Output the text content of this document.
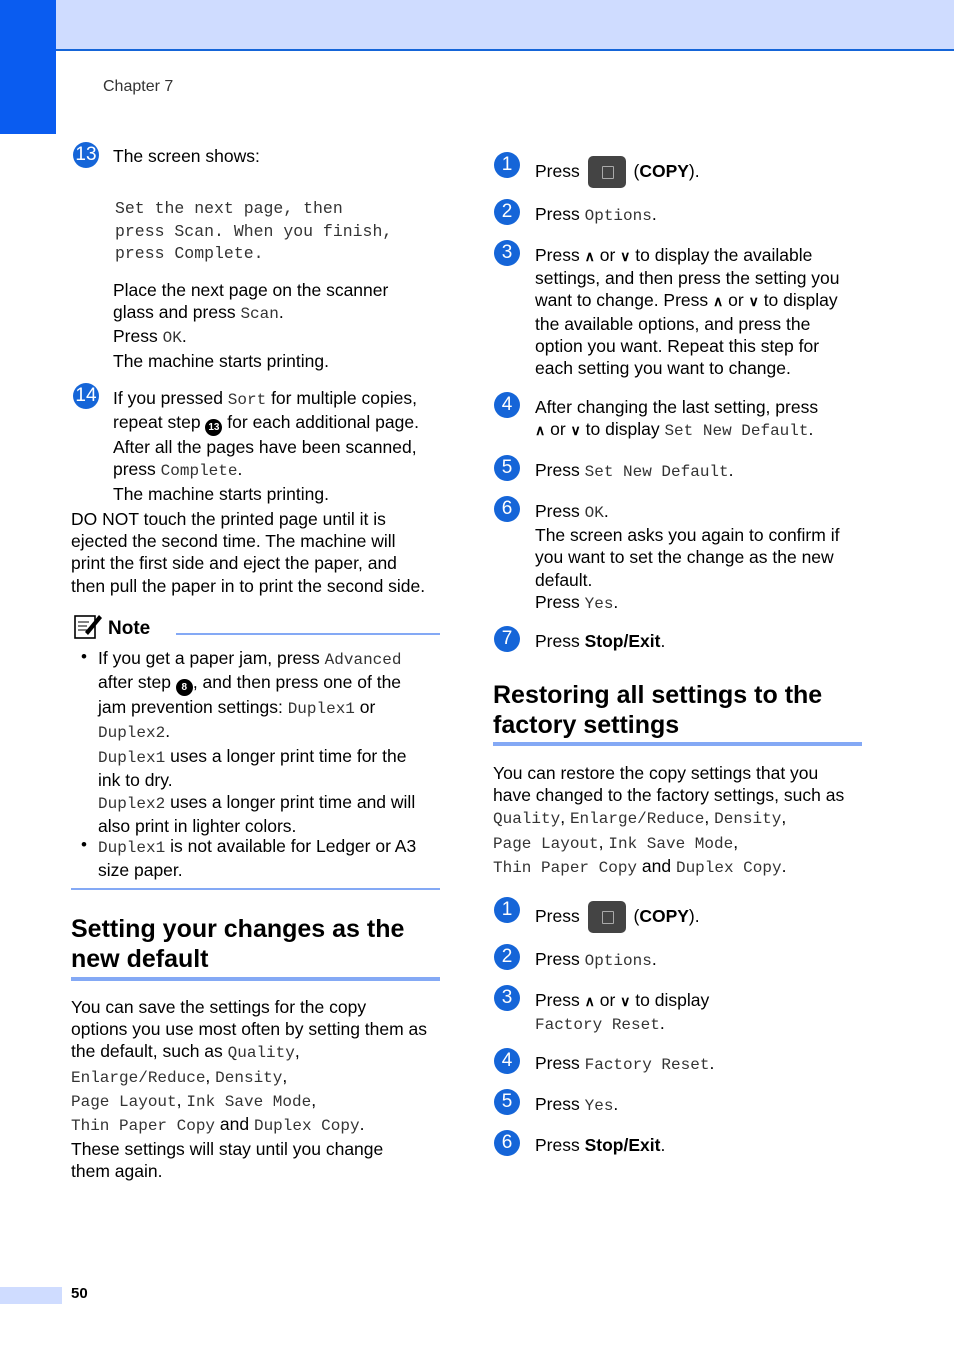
Chapter 7
50
13 The screen shows:
Set the next page, then
press Scan. When you finish,
press Complete.
Place the next page on the scanner
glass and press Scan.
Press OK.
The machine starts printing.
14 If you pressed Sort for multiple copies,
repeat step 13 for each additional page.
After all the pages have been scanned,
press Complete.
The machine starts printing.
DO NOT touch the printed page until it is
ejected the second time. The machine will
print the first side and eject the paper, and
then pull the paper in to print the second side.
Note
• If you get a paper jam, press Advanced
after step 8 , and then press one of the
jam prevention settings: Duplex1 or
Duplex2.
Duplex1 uses a longer print time for the
ink to dry.
Duplex2 uses a longer print time and will
also print in lighter colors.
• Duplex1 is not available for Ledger or A3
size paper.
Setting your changes as the
new default
You can save the settings for the copy
options you use most often by setting them as
the default, such as Quality,
Enlarge/Reduce, Density,
Page Layout, Ink Save Mode,
Thin Paper Copy and Duplex Copy.
These settings will stay until you change
them again.
1	Press	(COPY).
2	Press Options.
3	Press ∧ or ∨ to display the available
settings, and then press the setting you
want to change. Press ∧ or ∨ to display
the available options, and press the
option you want. Repeat this step for
each setting you want to change.
4	After changing the last setting, press
∧ or ∨ to display Set New Default.
5	Press Set New Default.
6	Press OK.
The screen asks you again to confirm if
you want to set the change as the new
default.
Press Yes.
7	Press Stop/Exit.
Restoring all settings to the
factory settings
You can restore the copy settings that you
have changed to the factory settings, such as
Quality, Enlarge/Reduce, Density,
Page Layout, Ink Save Mode,
Thin Paper Copy and Duplex Copy.
1	Press	(COPY).
2	Press Options.
3	Press ∧ or ∨ to display
Factory Reset.
4	Press Factory Reset.
5	Press Yes.
6	Press Stop/Exit.
